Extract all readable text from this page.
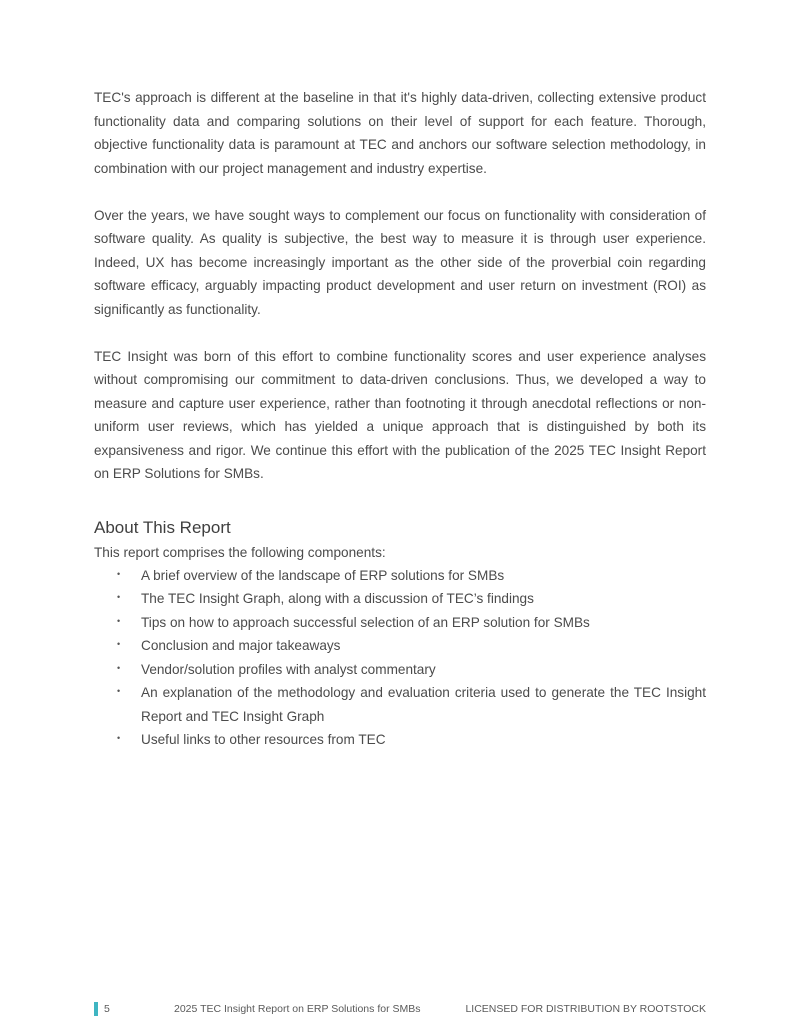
TEC's approach is different at the baseline in that it's highly data-driven, collecting extensive product functionality data and comparing solutions on their level of support for each feature. Thorough, objective functionality data is paramount at TEC and anchors our software selection methodology, in combination with our project management and industry expertise.

Over the years, we have sought ways to complement our focus on functionality with consideration of software quality. As quality is subjective, the best way to measure it is through user experience. Indeed, UX has become increasingly important as the other side of the proverbial coin regarding software efficacy, arguably impacting product development and user return on investment (ROI) as significantly as functionality.

TEC Insight was born of this effort to combine functionality scores and user experience analyses without compromising our commitment to data-driven conclusions. Thus, we developed a way to measure and capture user experience, rather than footnoting it through anecdotal reflections or non-uniform user reviews, which has yielded a unique approach that is distinguished by both its expansiveness and rigor. We continue this effort with the publication of the 2025 TEC Insight Report on ERP Solutions for SMBs.

About This Report

This report comprises the following components:

• A brief overview of the landscape of ERP solutions for SMBs
• The TEC Insight Graph, along with a discussion of TEC’s findings
• Tips on how to approach successful selection of an ERP solution for SMBs
• Conclusion and major takeaways
• Vendor/solution profiles with analyst commentary
• An explanation of the methodology and evaluation criteria used to generate the TEC Insight Report and TEC Insight Graph
• Useful links to other resources from TEC
5	2025 TEC Insight Report on ERP Solutions for SMBs	LICENSED FOR DISTRIBUTION BY ROOTSTOCK
